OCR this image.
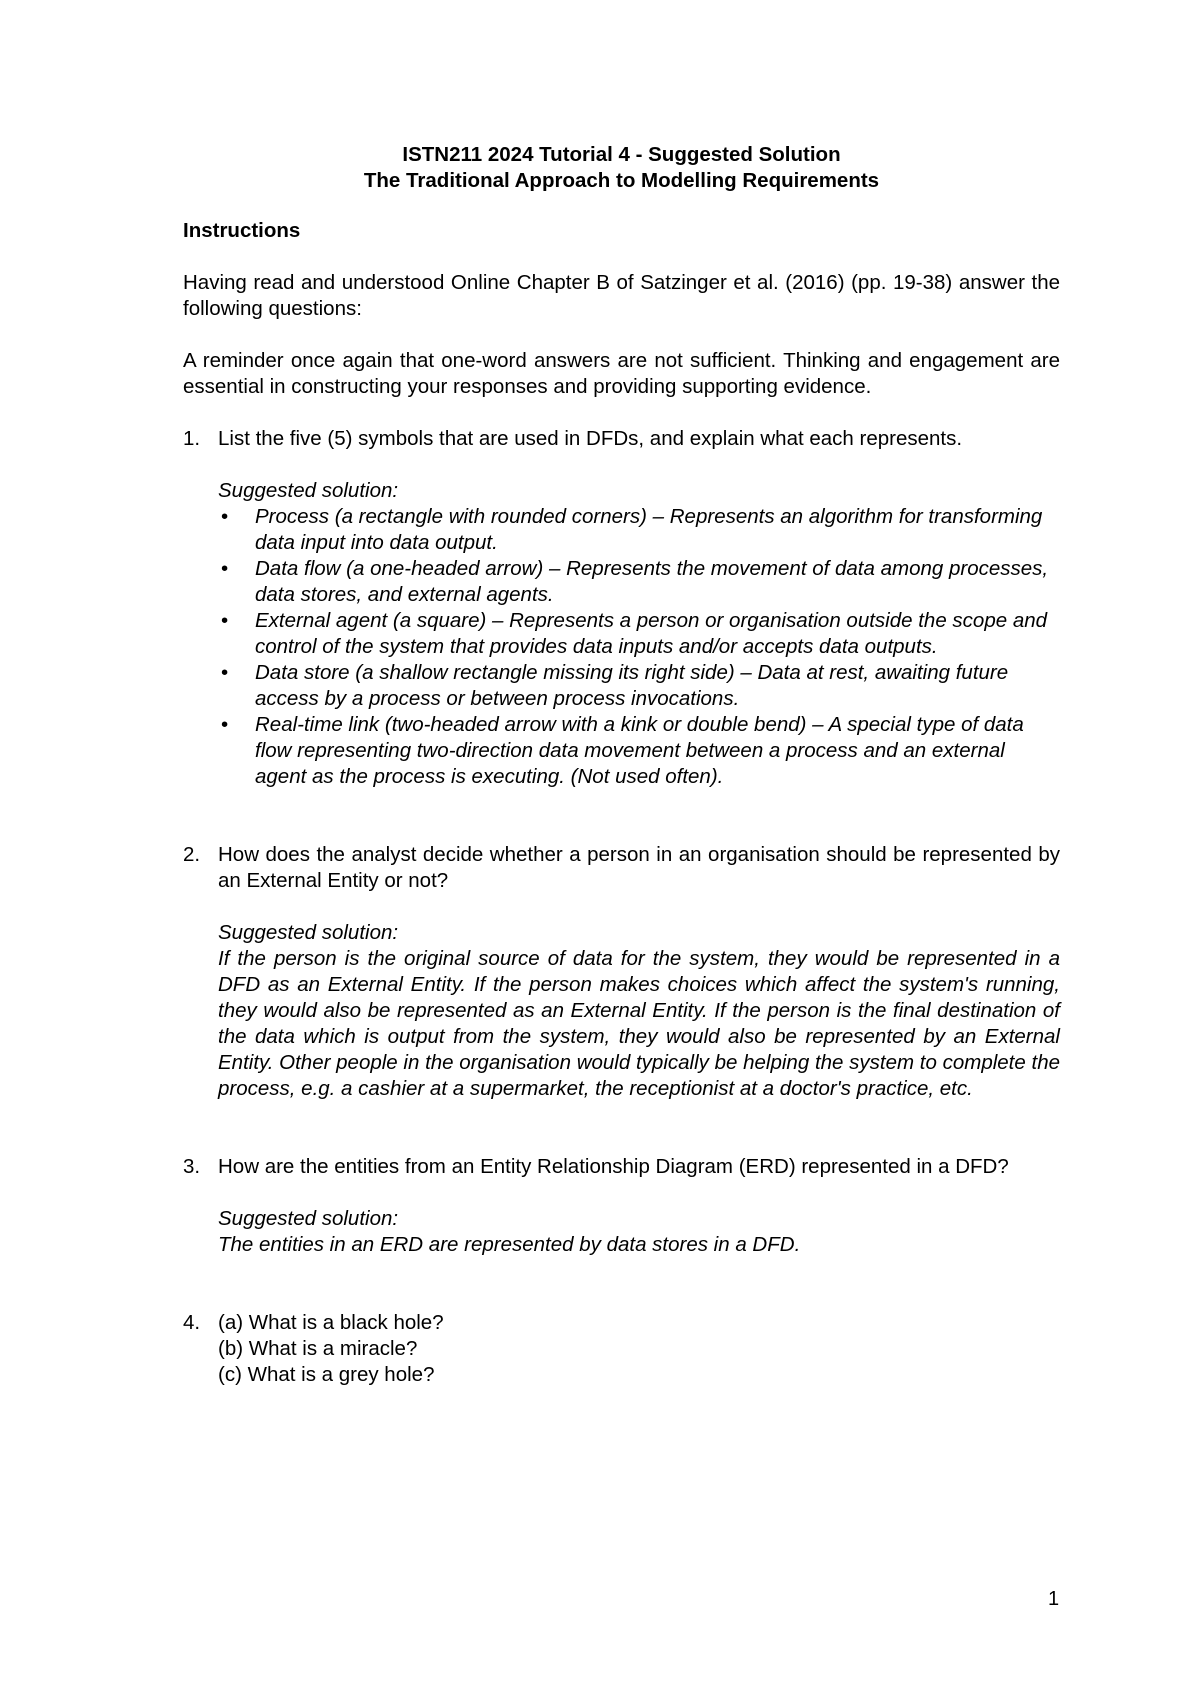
ISTN211 2024 Tutorial 4 - Suggested Solution

The Traditional Approach to Modelling Requirements

Instructions

Having read and understood Online Chapter B of Satzinger et al. (2016) (pp. 19-38) answer the following questions:

A reminder once again that one-word answers are not sufficient. Thinking and engagement are essential in constructing your responses and providing supporting evidence.

1. List the five (5) symbols that are used in DFDs, and explain what each represents.

Suggested solution:

• Process (a rectangle with rounded corners) – Represents an algorithm for transforming data input into data output.
• Data flow (a one-headed arrow) – Represents the movement of data among processes, data stores, and external agents.
• External agent (a square) – Represents a person or organisation outside the scope and control of the system that provides data inputs and/or accepts data outputs.
• Data store (a shallow rectangle missing its right side) – Data at rest, awaiting future access by a process or between process invocations.
• Real-time link (two-headed arrow with a kink or double bend) – A special type of data flow representing two-direction data movement between a process and an external agent as the process is executing. (Not used often).
2. How does the analyst decide whether a person in an organisation should be represented by an External Entity or not?

Suggested solution:

If the person is the original source of data for the system, they would be represented in a DFD as an External Entity. If the person makes choices which affect the system's running, they would also be represented as an External Entity. If the person is the final destination of the data which is output from the system, they would also be represented by an External Entity. Other people in the organisation would typically be helping the system to complete the process, e.g. a cashier at a supermarket, the receptionist at a doctor's practice, etc.

3. How are the entities from an Entity Relationship Diagram (ERD) represented in a DFD?

Suggested solution:

The entities in an ERD are represented by data stores in a DFD.

4. (a) What is a black hole?

(b) What is a miracle?

(c) What is a grey hole?

1
